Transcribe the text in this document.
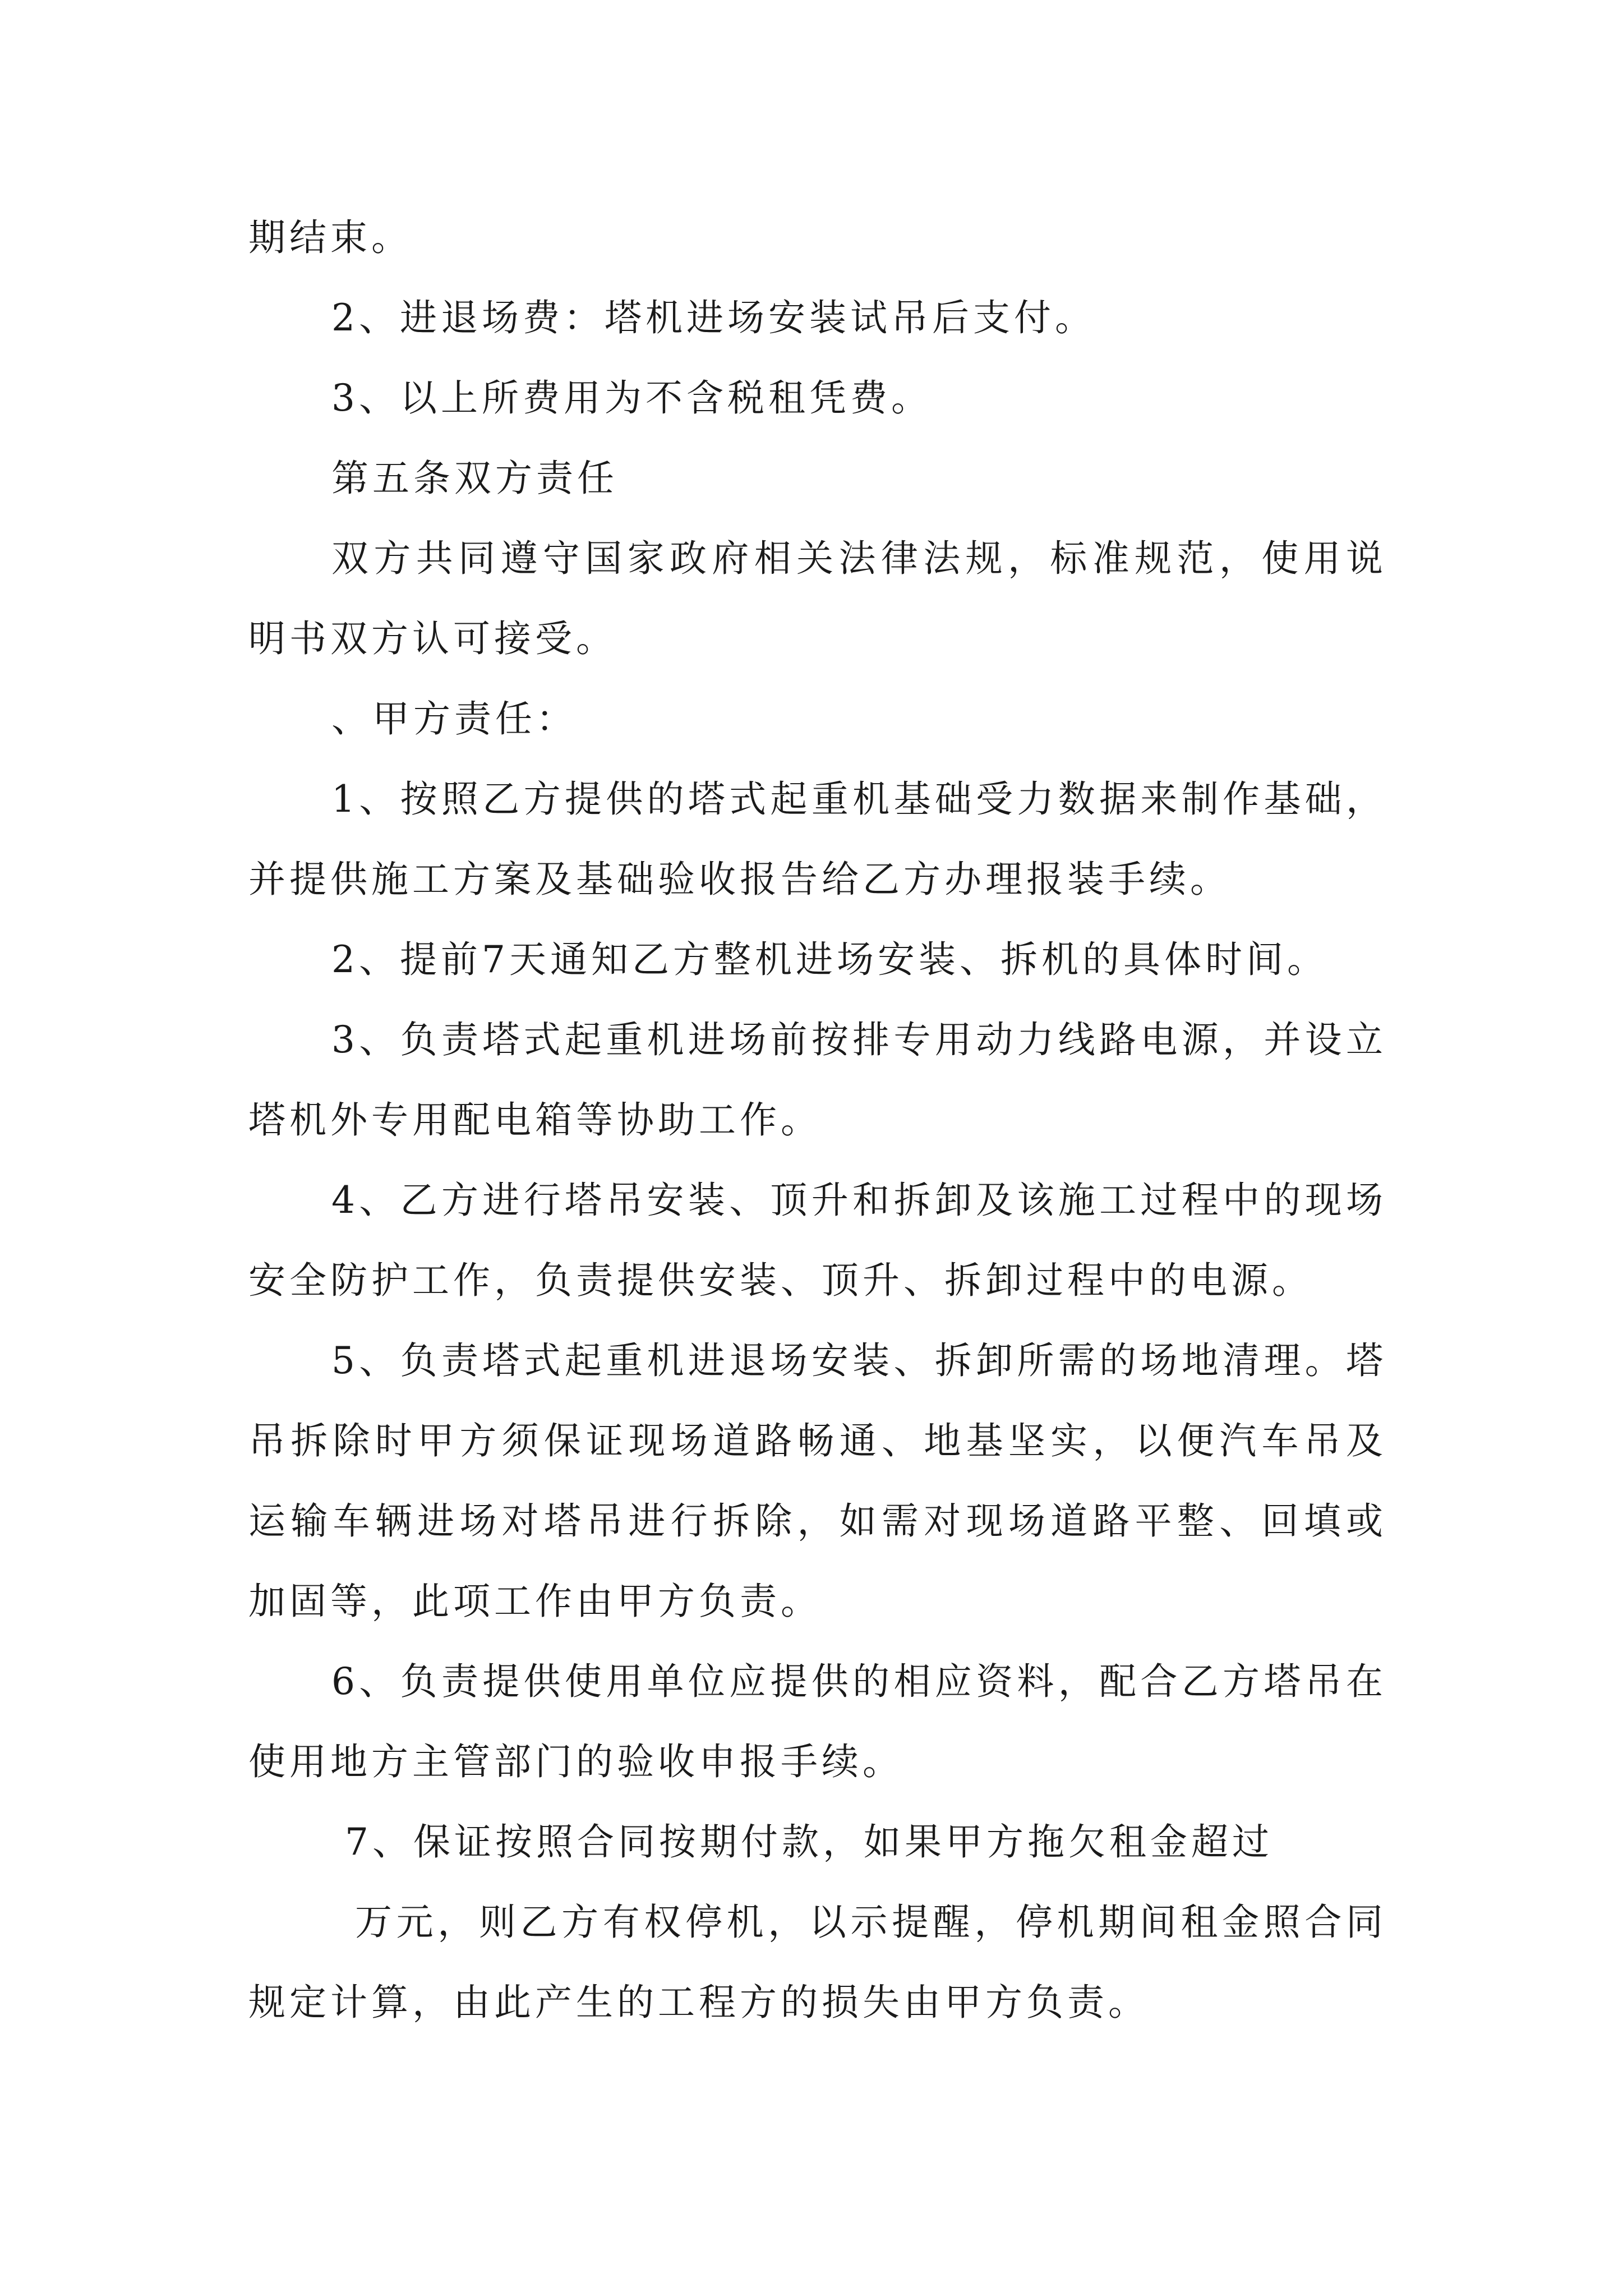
期结束。

2、进退场费：塔机进场安装试吊后支付。

3、以上所费用为不含税租凭费。

第五条双方责任

双方共同遵守国家政府相关法律法规，标准规范，使用说明书双方认可接受。

、甲方责任：

1、按照乙方提供的塔式起重机基础受力数据来制作基础，并提供施工方案及基础验收报告给乙方办理报装手续。

2、提前7天通知乙方整机进场安装、拆机的具体时间。

3、负责塔式起重机进场前按排专用动力线路电源，并设立塔机外专用配电箱等协助工作。

4、乙方进行塔吊安装、顶升和拆卸及该施工过程中的现场安全防护工作，负责提供安装、顶升、拆卸过程中的电源。

5、负责塔式起重机进退场安装、拆卸所需的场地清理。塔吊拆除时甲方须保证现场道路畅通、地基坚实，以便汽车吊及运输车辆进场对塔吊进行拆除，如需对现场道路平整、回填或加固等，此项工作由甲方负责。

6、负责提供使用单位应提供的相应资料，配合乙方塔吊在使用地方主管部门的验收申报手续。

7、保证按照合同按期付款，如果甲方拖欠租金超过

万元，则乙方有权停机，以示提醒，停机期间租金照合同规定计算，由此产生的工程方的损失由甲方负责。
